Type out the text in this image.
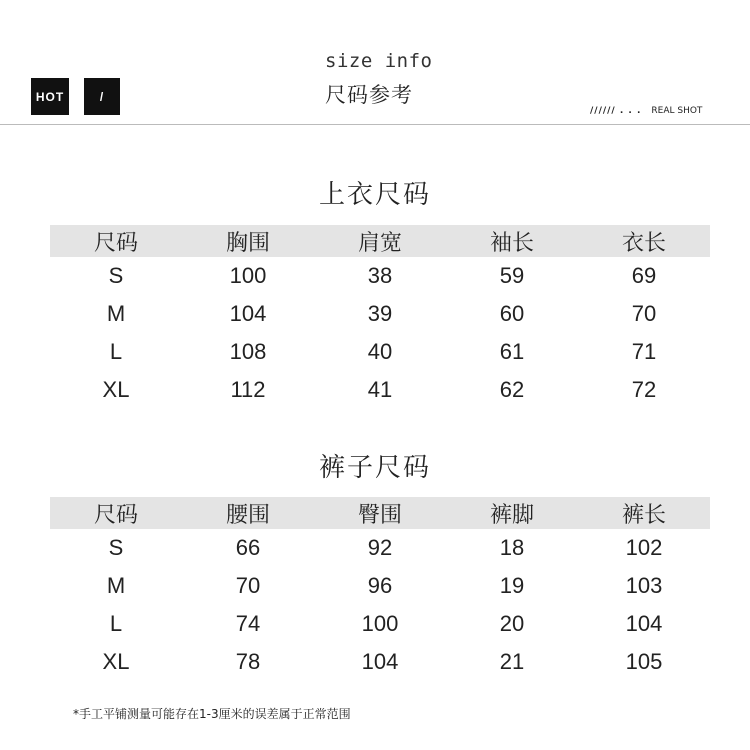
HOT	/
size info
尺码参考
////// . . . REAL SHOT
上衣尺码
尺码	胸围	肩宽	袖长	衣长
S	100	38	59	69
M	104	39	60	70
L	108	40	61	71
XL	112	41	62	72
裤子尺码
尺码	腰围	臀围	裤脚	裤长
S	66	92	18	102
M	70	96	19	103
L	74	100	20	104
XL	78	104	21	105
*手工平铺测量可能存在1-3厘米的误差属于正常范围
